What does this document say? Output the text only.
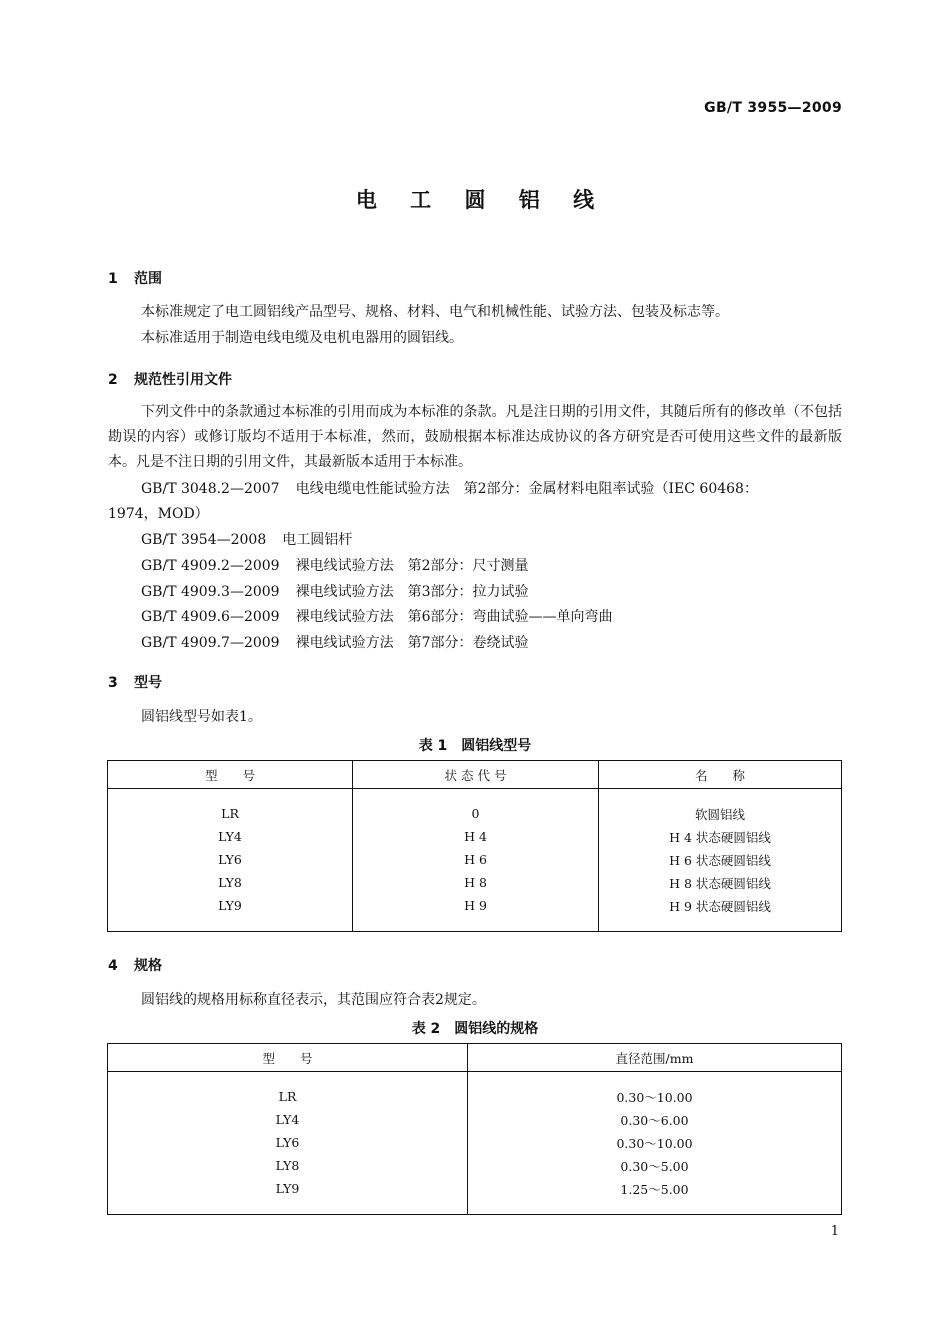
GB/T 3955—2009
电 工 圆 铝 线
1 范围
本标准规定了电工圆铝线产品型号、规格、材料、电气和机械性能、试验方法、包装及标志等。
本标准适用于制造电线电缆及电机电器用的圆铝线。
2 规范性引用文件
下列文件中的条款通过本标准的引用而成为本标准的条款。凡是注日期的引用文件，其随后所有的修改单（不包括勘误的内容）或修订版均不适用于本标准，然而，鼓励根据本标准达成协议的各方研究是否可使用这些文件的最新版本。凡是不注日期的引用文件，其最新版本适用于本标准。
GB/T 3048.2—2007 电线电缆电性能试验方法　第2部分：金属材料电阻率试验（IEC 60468：
1974，MOD）
GB/T 3954—2008 电工圆铝杆
GB/T 4909.2—2009 裸电线试验方法　第2部分：尺寸测量
GB/T 4909.3—2009 裸电线试验方法　第3部分：拉力试验
GB/T 4909.6—2009 裸电线试验方法　第6部分：弯曲试验——单向弯曲
GB/T 4909.7—2009 裸电线试验方法　第7部分：卷绕试验
3 型号
圆铝线型号如表1。
表 1　圆铝线型号
型　　号	状 态 代 号	名　　称
LR	0	软圆铝线
LY4	H 4	H 4 状态硬圆铝线
LY6	H 6	H 6 状态硬圆铝线
LY8	H 8	H 8 状态硬圆铝线
LY9	H 9	H 9 状态硬圆铝线
4 规格
圆铝线的规格用标称直径表示，其范围应符合表2规定。
表 2　圆铝线的规格
型　　号	直径范围/mm
LR	0.30～10.00
LY4	0.30～6.00
LY6	0.30～10.00
LY8	0.30～5.00
LY9	1.25～5.00
1
